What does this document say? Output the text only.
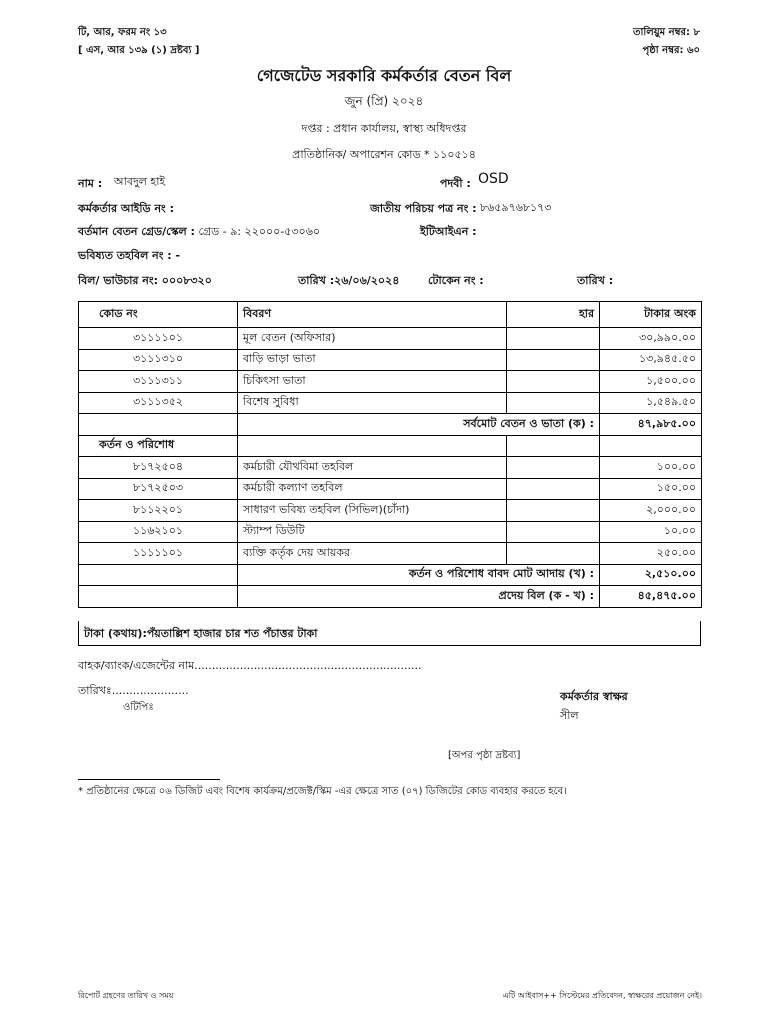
টি, আর, ফরম নং ১৩
[ এস, আর ১৩৯ (১) দ্রষ্টব্য ]
তালিয়ুম নম্বর: ৮
পৃষ্ঠা নম্বর: ৬০
গেজেটেড সরকারি কর্মকর্তার বেতন বিল
জুন (প্রি) ২০২৪
দপ্তর : প্রধান কার্যালয়, স্বাস্থ্য অধিদপ্তর
প্রাতিষ্ঠানিক/ অপারেশন কোড * ১১০৫১৪
নাম : আবদুল হাই	পদবী : OSD
কর্মকর্তার আইডি নং :	জাতীয় পরিচয় পত্র নং : ৮৬৫৯৭৬৮১৭৩
বর্তমান বেতন গ্রেড/স্কেল : গ্রেড - ৯: ২২০০০-৫৩০৬০	ইটিআইএন :
ভবিষ্যত তহবিল নং : -
বিল/ ভাউচার নং: ০০০৮৩২০	তারিখ :২৬/০৬/২০২৪	টোকেন নং :	তারিখ :
কোড নং	বিবরণ	হার	টাকার অংক
৩১১১১০১	মূল বেতন (অফিসার)		৩০,৯৯০.০০
৩১১১৩১০	বাড়ি ভাড়া ভাতা		১৩,৯৪৫.৫০
৩১১১৩১১	চিকিৎসা ভাতা		১,৫০০.০০
৩১১১৩৫২	বিশেষ সুবিধা		১,৫৪৯.৫০
	সর্বমোট বেতন ও ভাতা (ক) :		৪৭,৯৮৫.০০
কর্তন ও পরিশোধ			
৮১৭২৫০৪	কর্মচারী যৌথবিমা তহবিল		১০০.০০
৮১৭২৫০৩	কর্মচারী কল্যাণ তহবিল		১৫০.০০
৮১১২২০১	সাধারণ ভবিষ্য তহবিল (সিভিল)(চাঁদা)		২,০০০.০০
১১৬২১০১	স্ট্যাম্প ডিউটি		১০.০০
১১১১১০১	ব্যক্তি কর্তৃক দেয় আয়কর		২৫০.০০
	কর্তন ও পরিশোধ বাবদ মোট আদায় (খ) :		২,৫১০.০০
	প্রদেয় বিল (ক - খ) :		৪৫,৪৭৫.০০
টাকা (কথায়):পঁয়তাল্লিশ হাজার চার শত পঁচাত্তর টাকা
বাহক/ব্যাংক/এজেন্টের নাম.................................................................
তারিখঃ......................
ওটিপিঃ
কর্মকর্তার স্বাক্ষর
সীল
[অপর পৃষ্ঠা দ্রষ্টব্য]
* প্রতিষ্ঠানের ক্ষেত্রে ০৬ ডিজিট এবং বিশেষ কার্যক্রম/প্রজেক্ট/স্কিম -এর ক্ষেত্রে সাত (০৭) ডিজিটের কোড ব্যবহার করতে হবে।
রিপোর্ট গ্রহণের তারিখ ও সময়	এটি আইবাস++ সিস্টেমের প্রতিবেদন, স্বাক্ষরের প্রয়োজন নেই।
